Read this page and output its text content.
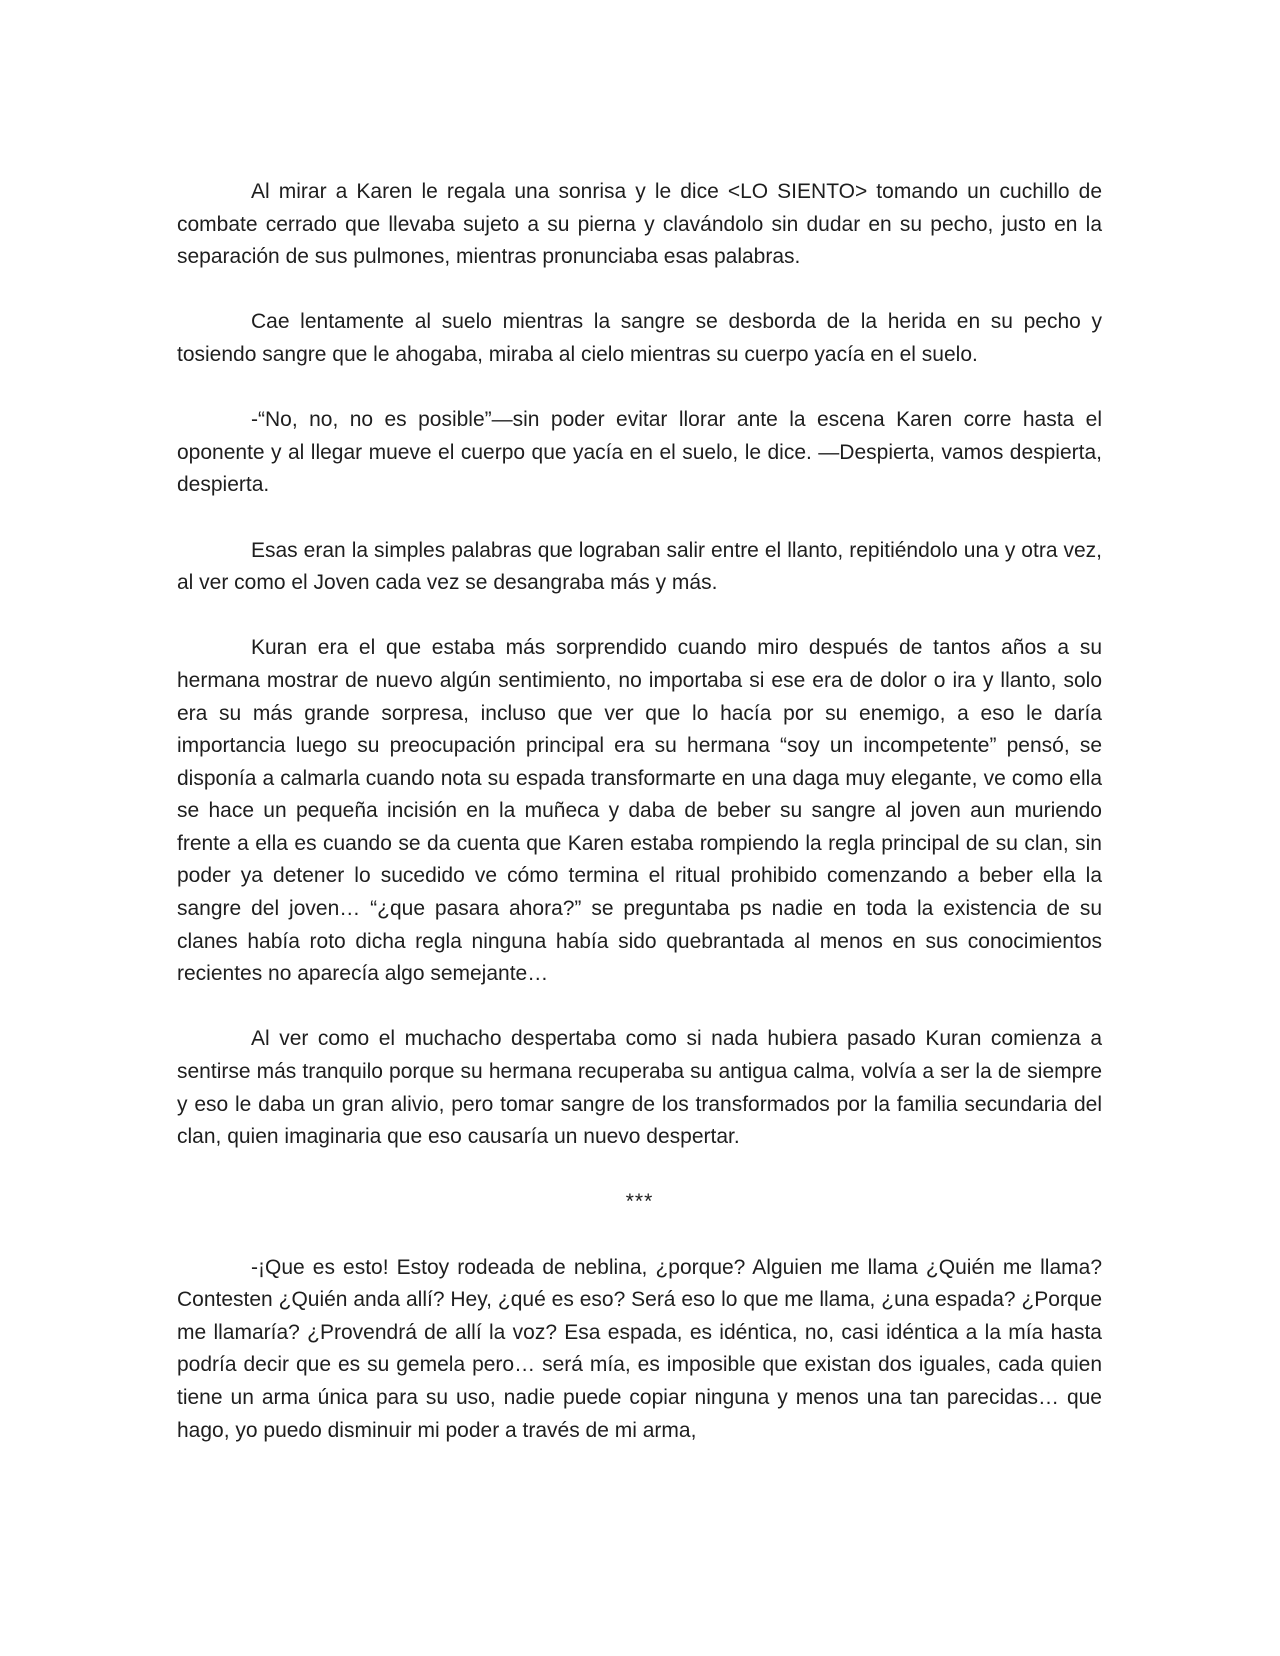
Al mirar a Karen le regala una sonrisa y le dice <LO SIENTO> tomando un cuchillo de combate cerrado que llevaba sujeto a su pierna y clavándolo sin dudar en su pecho, justo en la separación de sus pulmones, mientras pronunciaba esas palabras.

Cae lentamente al suelo mientras la sangre se desborda de la herida en su pecho y tosiendo sangre que le ahogaba, miraba al cielo mientras su cuerpo yacía en el suelo.

-“No, no, no es posible”—sin poder evitar llorar ante la escena Karen corre hasta el oponente y al llegar mueve el cuerpo que yacía en el suelo, le dice. —Despierta, vamos despierta, despierta.

Esas eran la simples palabras que lograban salir entre el llanto, repitiéndolo una y otra vez, al ver como el Joven cada vez se desangraba más y más.

Kuran era el que estaba más sorprendido cuando miro después de tantos años a su hermana mostrar de nuevo algún sentimiento, no importaba si ese era de dolor o ira y llanto, solo era su más grande sorpresa, incluso que ver que lo hacía por su enemigo, a eso le daría importancia luego su preocupación principal era su hermana “soy un incompetente” pensó, se disponía a calmarla cuando nota su espada transformarte en una daga muy elegante, ve como ella se hace un pequeña incisión en la muñeca y daba de beber su sangre al joven aun muriendo frente a ella es cuando se da cuenta que Karen estaba rompiendo la regla principal de su clan, sin poder ya detener lo sucedido ve cómo termina el ritual prohibido comenzando a beber ella la sangre del joven… “¿que pasara ahora?” se preguntaba ps nadie en toda la existencia de su clanes había roto dicha regla ninguna había sido quebrantada al menos en sus conocimientos recientes no aparecía algo semejante…

Al ver como el muchacho despertaba como si nada hubiera pasado Kuran comienza a sentirse más tranquilo porque su hermana recuperaba su antigua calma, volvía a ser la de siempre y eso le daba un gran alivio, pero tomar sangre de los transformados por la familia secundaria del clan, quien imaginaria que eso causaría un nuevo despertar.

***

-¡Que es esto! Estoy rodeada de neblina, ¿porque? Alguien me llama ¿Quién me llama? Contesten ¿Quién anda allí? Hey, ¿qué es eso? Será eso lo que me llama, ¿una espada? ¿Porque me llamaría? ¿Provendrá de allí la voz? Esa espada, es idéntica, no, casi idéntica a la mía hasta podría decir que es su gemela pero… será mía, es imposible que existan dos iguales, cada quien tiene un arma única para su uso, nadie puede copiar ninguna y menos una tan parecidas… que hago, yo puedo disminuir mi poder a través de mi arma,
